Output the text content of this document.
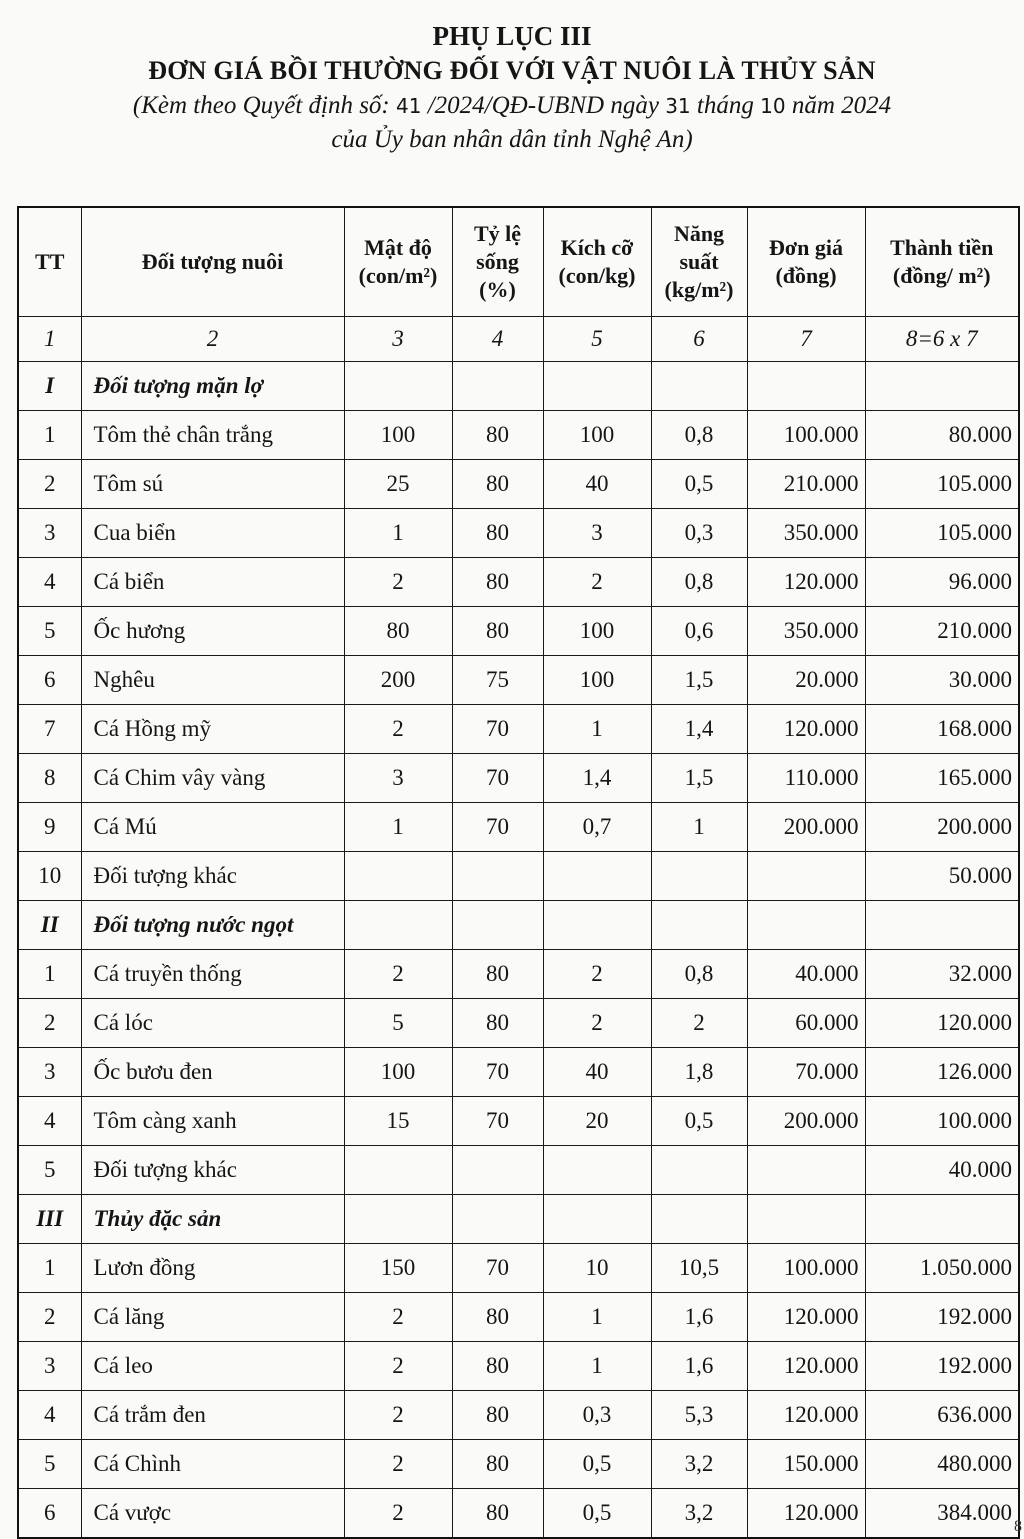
PHỤ LỤC III
ĐƠN GIÁ BỒI THƯỜNG ĐỐI VỚI VẬT NUÔI LÀ THỦY SẢN
(Kèm theo Quyết định số: 41 /2024/QĐ-UBND ngày 31 tháng 10 năm 2024
của Ủy ban nhân dân tỉnh Nghệ An)
TT	Đối tượng nuôi	Mật độ (con/m²)	Tỷ lệ sống (%)	Kích cỡ (con/kg)	Năng suất (kg/m²)	Đơn giá (đồng)	Thành tiền (đồng/ m²)
1	2	3	4	5	6	7	8=6 x 7
I	Đối tượng mặn lợ						
1	Tôm thẻ chân trắng	100	80	100	0,8	100.000	80.000
2	Tôm sú	25	80	40	0,5	210.000	105.000
3	Cua biển	1	80	3	0,3	350.000	105.000
4	Cá biển	2	80	2	0,8	120.000	96.000
5	Ốc hương	80	80	100	0,6	350.000	210.000
6	Nghêu	200	75	100	1,5	20.000	30.000
7	Cá Hồng mỹ	2	70	1	1,4	120.000	168.000
8	Cá Chim vây vàng	3	70	1,4	1,5	110.000	165.000
9	Cá Mú	1	70	0,7	1	200.000	200.000
10	Đối tượng khác						50.000
II	Đối tượng nước ngọt						
1	Cá truyền thống	2	80	2	0,8	40.000	32.000
2	Cá lóc	5	80	2	2	60.000	120.000
3	Ốc bươu đen	100	70	40	1,8	70.000	126.000
4	Tôm càng xanh	15	70	20	0,5	200.000	100.000
5	Đối tượng khác						40.000
III	Thủy đặc sản						
1	Lươn đồng	150	70	10	10,5	100.000	1.050.000
2	Cá lăng	2	80	1	1,6	120.000	192.000
3	Cá leo	2	80	1	1,6	120.000	192.000
4	Cá trắm đen	2	80	0,3	5,3	120.000	636.000
5	Cá Chình	2	80	0,5	3,2	150.000	480.000
6	Cá vược	2	80	0,5	3,2	120.000	384.000
8
